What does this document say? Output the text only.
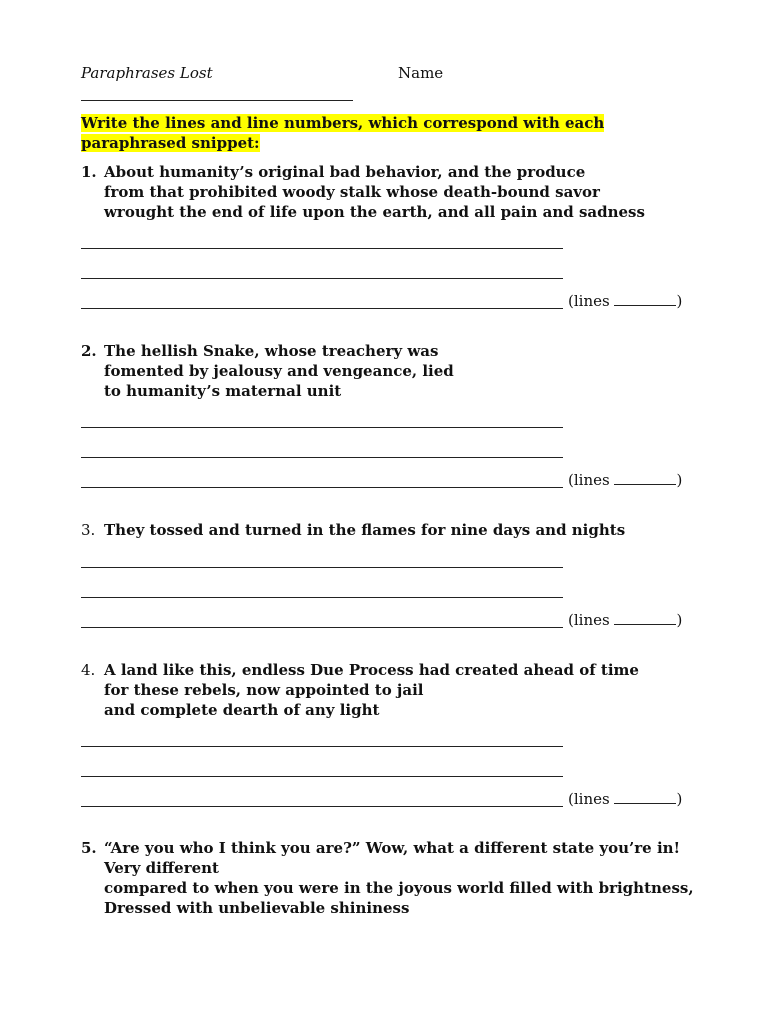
Paraphrases Lost	Name
Write the lines and line numbers, which correspond with each
paraphrased snippet:
1. About humanity’s original bad behavior, and the produce
from that prohibited woody stalk whose death-bound savor
wrought the end of life upon the earth, and all pain and sadness
(lines	)
2. The hellish Snake, whose treachery was
fomented by jealousy and vengeance, lied
to humanity’s maternal unit
(lines	)
3. They tossed and turned in the flames for nine days and nights
(lines	)
4. A land like this, endless Due Process had created ahead of time
for these rebels, now appointed to jail
and complete dearth of any light
(lines	)
5. “Are you who I think you are?” Wow, what a different state you’re in!
Very different
compared to when you were in the joyous world filled with brightness,
Dressed with unbelievable shininess
